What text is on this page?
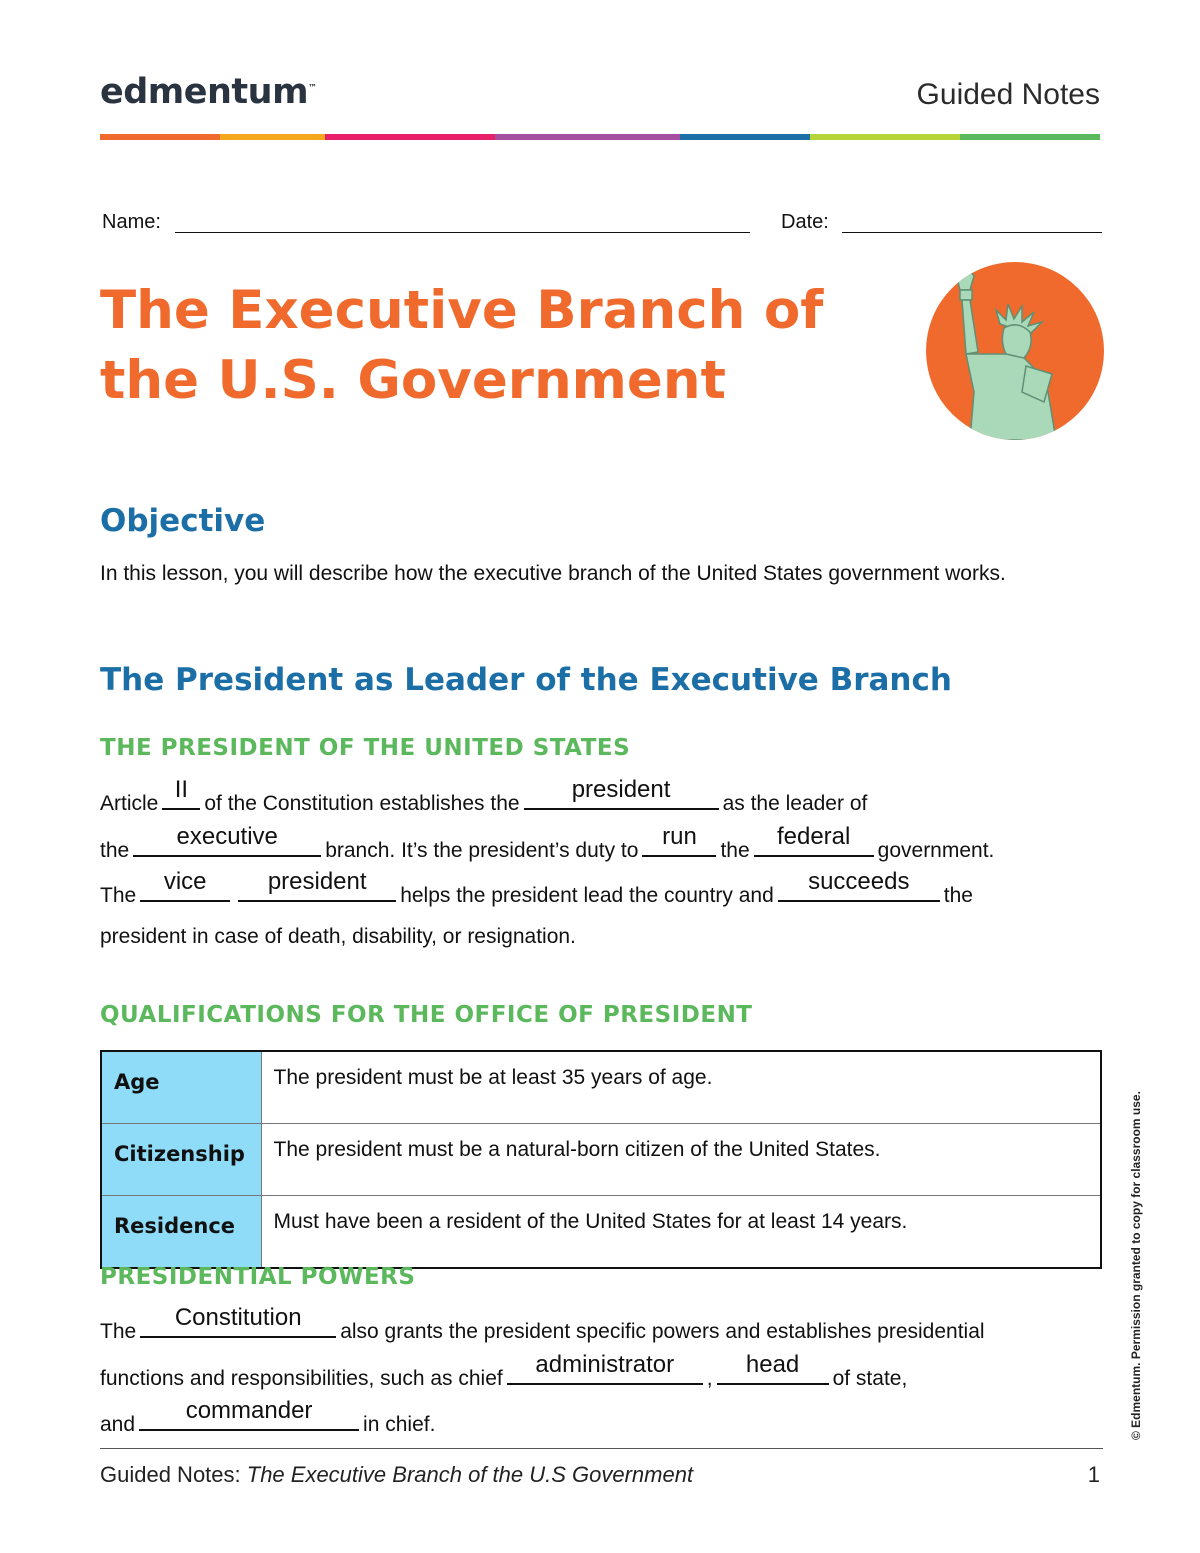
edmentum™	Guided Notes
Name:	Date:
The Executive Branch of
the U.S. Government
Objective
In this lesson, you will describe how the executive branch of the United States government works.
The President as Leader of the Executive Branch
THE PRESIDENT OF THE UNITED STATES
Article
II
of the Constitution establishes the
president
as the leader of
the
executive
branch. It’s the president’s duty to
run
the
federal
government.
The
vice	president
helps the president lead the country and
succeeds
the
president in case of death, disability, or resignation.
QUALIFICATIONS FOR THE OFFICE OF PRESIDENT
Age	The president must be at least 35 years of age.
Citizenship	The president must be a natural-born citizen of the United States.
Residence	Must have been a resident of the United States for at least 14 years.
PRESIDENTIAL POWERS
The
Constitution
also grants the president specific powers and establishes presidential
functions and responsibilities, such as chief
administrator
,
head
of state,
and
commander
in chief.	© Edmentum. Permission granted to copy for classroom use.
Guided Notes: The Executive Branch of the U.S Government	1
